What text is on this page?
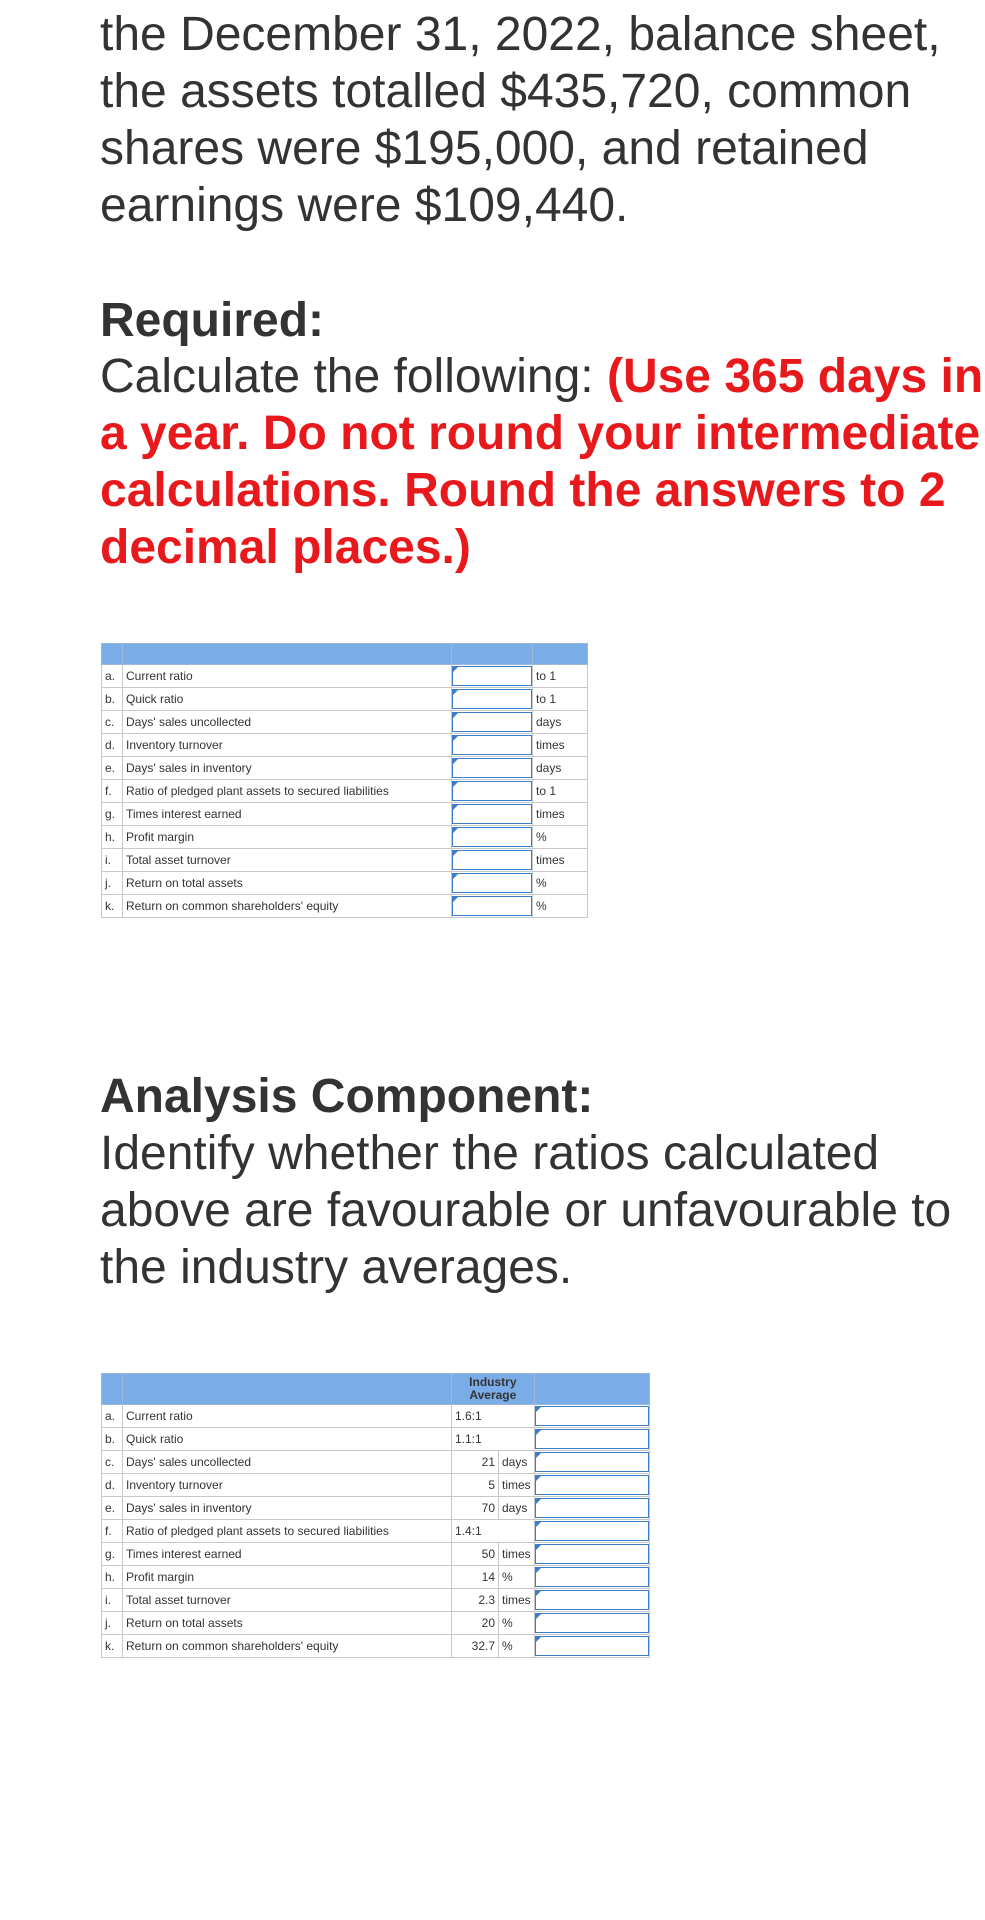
the December 31, 2022, balance sheet, the assets totalled $435,720, common shares were $195,000, and retained earnings were $109,440.
Required:
Calculate the following: (Use 365 days in a year. Do not round your intermediate calculations. Round the answers to 2 decimal places.)

a.	Current ratio		to 1
b.	Quick ratio		to 1
c.	Days' sales uncollected		days
d.	Inventory turnover		times
e.	Days' sales in inventory		days
f.	Ratio of pledged plant assets to secured liabilities		to 1
g.	Times interest earned		times
h.	Profit margin		%
i.	Total asset turnover		times
j.	Return on total assets		%
k.	Return on common shareholders' equity		%
Analysis Component:
Identify whether the ratios calculated above are favourable or unfavourable to the industry averages.

		Industry
Average		

a.	Current ratio	1.6:1	

b.	Quick ratio	1.1:1	

c.	Days' sales uncollected	21	days	

d.	Inventory turnover	5	times	

e.	Days' sales in inventory	70	days	

f.	Ratio of pledged plant assets to secured liabilities	1.4:1	

g.	Times interest earned	50	times	

h.	Profit margin	14	%	

i.	Total asset turnover	2.3	times	

j.	Return on total assets	20	%	

k.	Return on common shareholders' equity	32.7	%	
